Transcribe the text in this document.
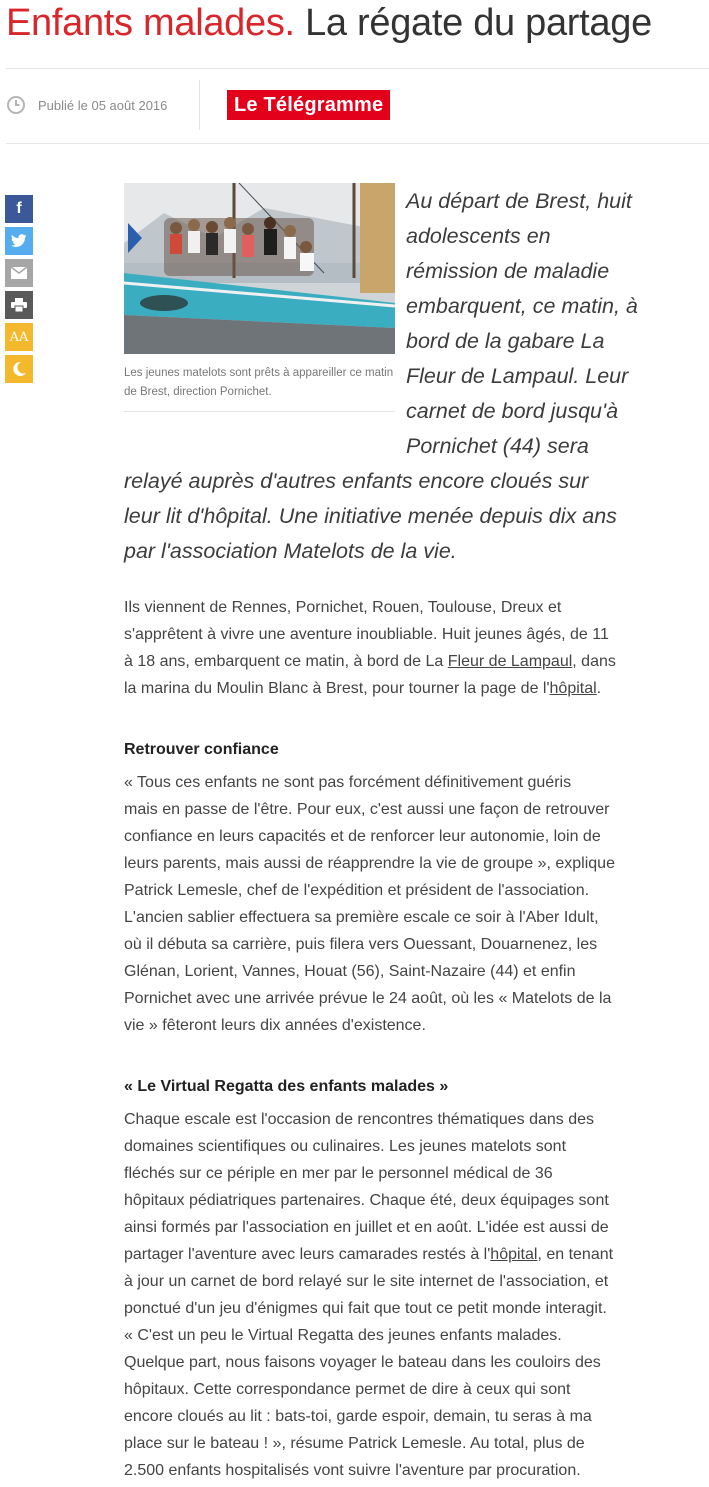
Enfants malades. La régate du partage
Publié le 05 août 2016	Le Télégramme
f
AA

Les jeunes matelots sont prêts à appareiller ce matin de Brest, direction Pornichet.

Au départ de Brest, huit

adolescents en

rémission de maladie

embarquent, ce matin, à

bord de la gabare La

Fleur de Lampaul. Leur

carnet de bord jusqu'à

Pornichet (44) sera

relayé auprès d'autres enfants encore cloués sur

leur lit d'hôpital. Une initiative menée depuis dix ans

par l'association Matelots de la vie.

Ils viennent de Rennes, Pornichet, Rouen, Toulouse, Dreux et

s'apprêtent à vivre une aventure inoubliable. Huit jeunes âgés, de 11

à 18 ans, embarquent ce matin, à bord de La Fleur de Lampaul, dans

la marina du Moulin Blanc à Brest, pour tourner la page de l'hôpital.

Retrouver confiance

« Tous ces enfants ne sont pas forcément définitivement guéris

mais en passe de l'être. Pour eux, c'est aussi une façon de retrouver

confiance en leurs capacités et de renforcer leur autonomie, loin de

leurs parents, mais aussi de réapprendre la vie de groupe », explique

Patrick Lemesle, chef de l'expédition et président de l'association.

L'ancien sablier effectuera sa première escale ce soir à l'Aber Idult,

où il débuta sa carrière, puis filera vers Ouessant, Douarnenez, les

Glénan, Lorient, Vannes, Houat (56), Saint-Nazaire (44) et enfin

Pornichet avec une arrivée prévue le 24 août, où les « Matelots de la

vie » fêteront leurs dix années d'existence.

« Le Virtual Regatta des enfants malades »

Chaque escale est l'occasion de rencontres thématiques dans des

domaines scientifiques ou culinaires. Les jeunes matelots sont

fléchés sur ce périple en mer par le personnel médical de 36

hôpitaux pédiatriques partenaires. Chaque été, deux équipages sont

ainsi formés par l'association en juillet et en août. L'idée est aussi de

partager l'aventure avec leurs camarades restés à l'hôpital, en tenant

à jour un carnet de bord relayé sur le site internet de l'association, et

ponctué d'un jeu d'énigmes qui fait que tout ce petit monde interagit.

« C'est un peu le Virtual Regatta des jeunes enfants malades.

Quelque part, nous faisons voyager le bateau dans les couloirs des

hôpitaux. Cette correspondance permet de dire à ceux qui sont

encore cloués au lit : bats-toi, garde espoir, demain, tu seras à ma

place sur le bateau ! », résume Patrick Lemesle. Au total, plus de

2.500 enfants hospitalisés vont suivre l'aventure par procuration.
